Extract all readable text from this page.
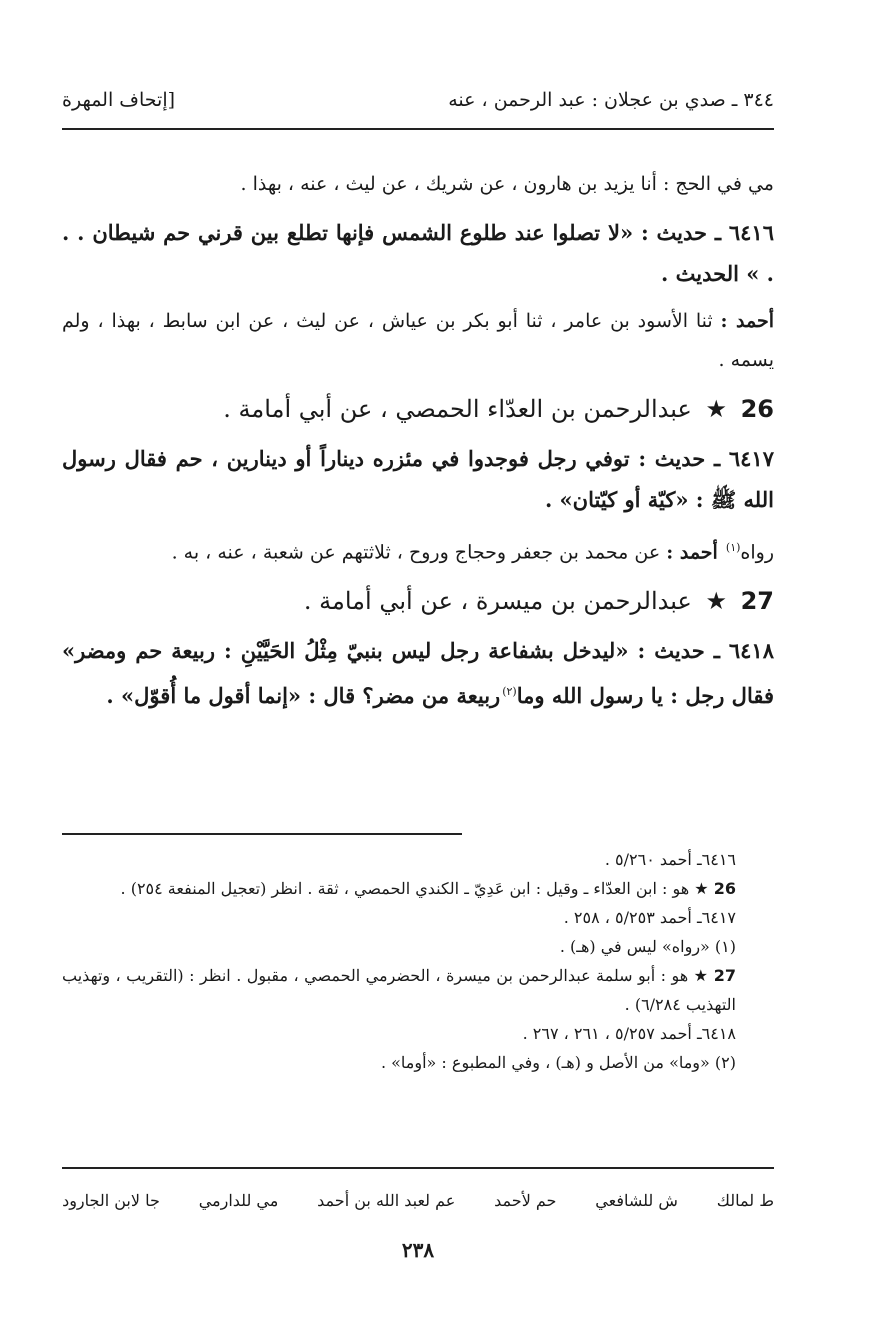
٣٤٤ ـ صدي بن عجلان : عبد الرحمن ، عنه
[إتحاف المهرة

مي في الحج : أنا يزيد بن هارون ، عن شريك ، عن ليث ، عنه ، بهذا .

٦٤١٦ ـ حديث : «لا تصلوا عند طلوع الشمس فإنها تطلع بين قرني حم شيطان . . . » الحديث .

أحمد : ثنا الأسود بن عامر ، ثنا أبو بكر بن عياش ، عن ليث ، عن ابن سابط ، بهذا ، ولم يسمه .

26 ★ عبدالرحمن بن العدّاء الحمصي ، عن أبي أمامة .

٦٤١٧ ـ حديث : توفي رجل فوجدوا في مئزره ديناراً أو دينارين ، حم فقال رسول الله ﷺ : «كيّة أو كيّتان» .

رواه$^{(١)}$ أحمد : عن محمد بن جعفر وحجاج وروح ، ثلاثتهم عن شعبة ، عنه ، به .

27 ★ عبدالرحمن بن ميسرة ، عن أبي أمامة .

٦٤١٨ ـ حديث : «ليدخل بشفاعة رجل ليس بنبيّ مِثْلُ الحَيَّيْنِ : ربيعة حم ومضر» فقال رجل : يا رسول الله وما$^{(٢)}$ربيعة من مضر؟ قال : «إنما أقول ما أُقوّل» .

٦٤١٦ـ أحمد ٥/٢٦٠ .

26 ★ هو : ابن العدّاء ـ وقيل : ابن عَدِيّ ـ الكندي الحمصي ، ثقة . انظر (تعجيل المنفعة ٢٥٤) .

٦٤١٧ـ أحمد ٥/٢٥٣ ، ٢٥٨ .

(١) «رواه» ليس في (هـ) .

27 ★ هو : أبو سلمة عبدالرحمن بن ميسرة ، الحضرمي الحمصي ، مقبول . انظر : (التقريب ، وتهذيب التهذيب ٦/٢٨٤) .

٦٤١٨ـ أحمد ٥/٢٥٧ ، ٢٦١ ، ٢٦٧ .

(٢) «وما» من الأصل و (هـ) ، وفي المطبوع : «أوما» .

ط لمالك
ش للشافعي
حم لأحمد
عم لعبد الله بن أحمد
مي للدارمي
جا لابن الجارود
٢٣٨
